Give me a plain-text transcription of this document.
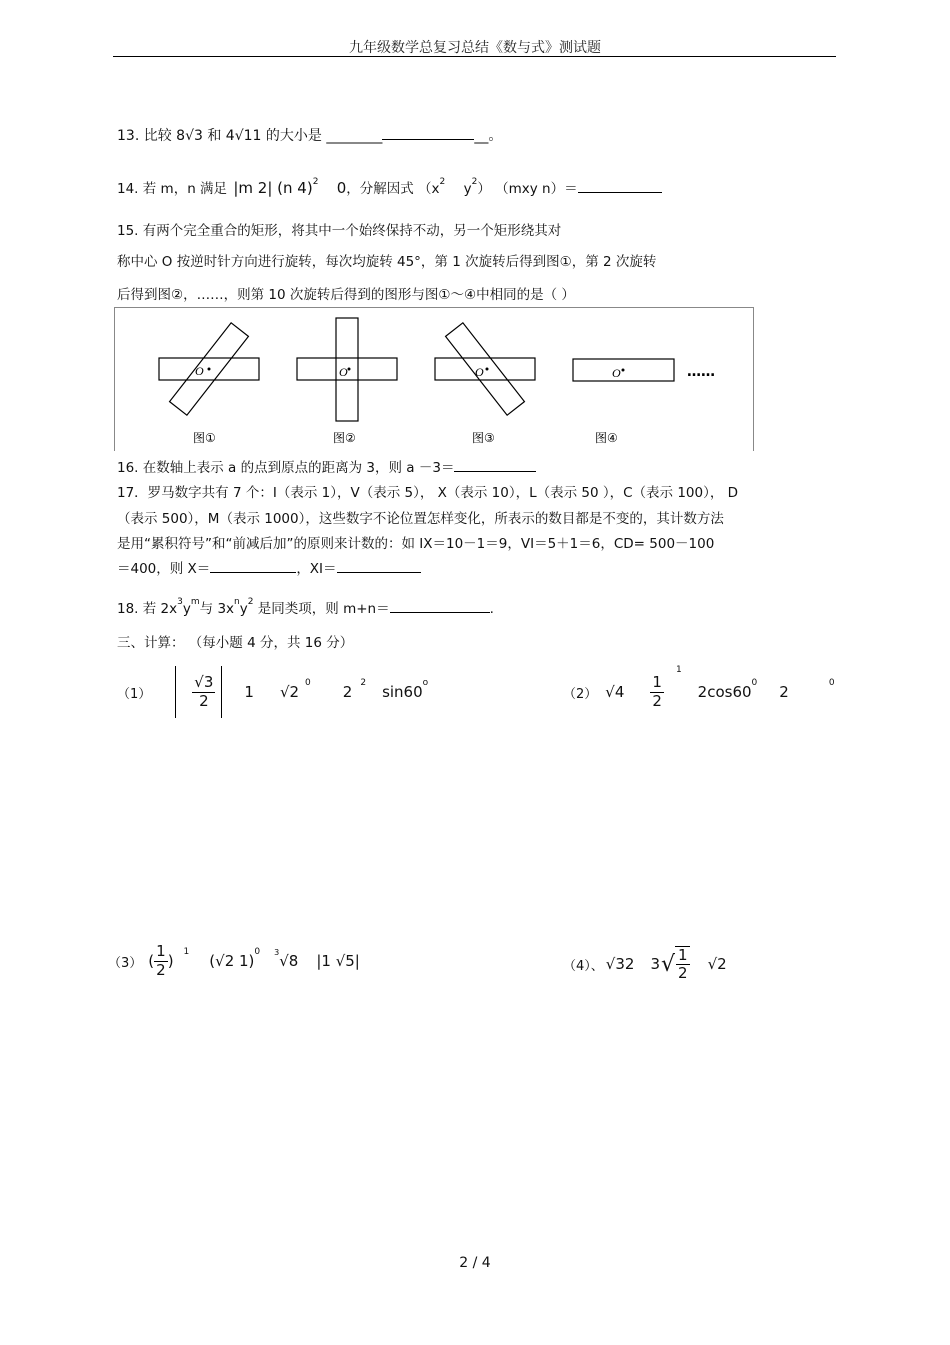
九年级数学总复习总结《数与式》测试题
13. 比较 8√3 和 4√11 的大小是 ________	__。
14. 若 m，n 满足 |m 2| (n 4)$^2$ 0，分解因式 （$x^2$ $y^2$） （mxy n）＝
15. 有两个完全重合的矩形，将其中一个始终保持不动，另一个矩形绕其对
称中心 O 按逆时针方向进行旋转，每次均旋转 45°，第 1 次旋转后得到图①，第 2 次旋转
后得到图②，……，则第 10 次旋转后得到的图形与图①～④中相同的是（ ）
O	O	O	O	……
图①	图②	图③	图④
16. 在数轴上表示 a 的点到原点的距离为 3，则 a －3＝
17．罗马数字共有 7 个：I（表示 1），V（表示 5）， X（表示 10），L（表示 50 ），C（表示 100）， D
（表示 500），M（表示 1000），这些数字不论位置怎样变化，所表示的数目都是不变的，其计数方法
是用“累积符号”和“前减后加”的原则来计数的：如 IX＝10－1＝9，VI＝5＋1＝6，CD= 500－100
＝400，则 X＝	，XI＝
18. 若 $2x^3y^m$与 $3x^ny^2$ 是同类项，则 m+n＝	.
三、计算： （每小题 4 分，共 16 分）
（1）	$\frac{√3}{2} 1$ √2 0 2 2 sin60 o
（2） $√4 \frac{1}{2}$
1
2cos60 0 2	0
（3） ( $\frac{1}{2}$ ) 1 (√2 1) 0 3 √8 |1 √5|	（4）、 √32 3 √ $\frac{1}{2} √2$
2 / 4
